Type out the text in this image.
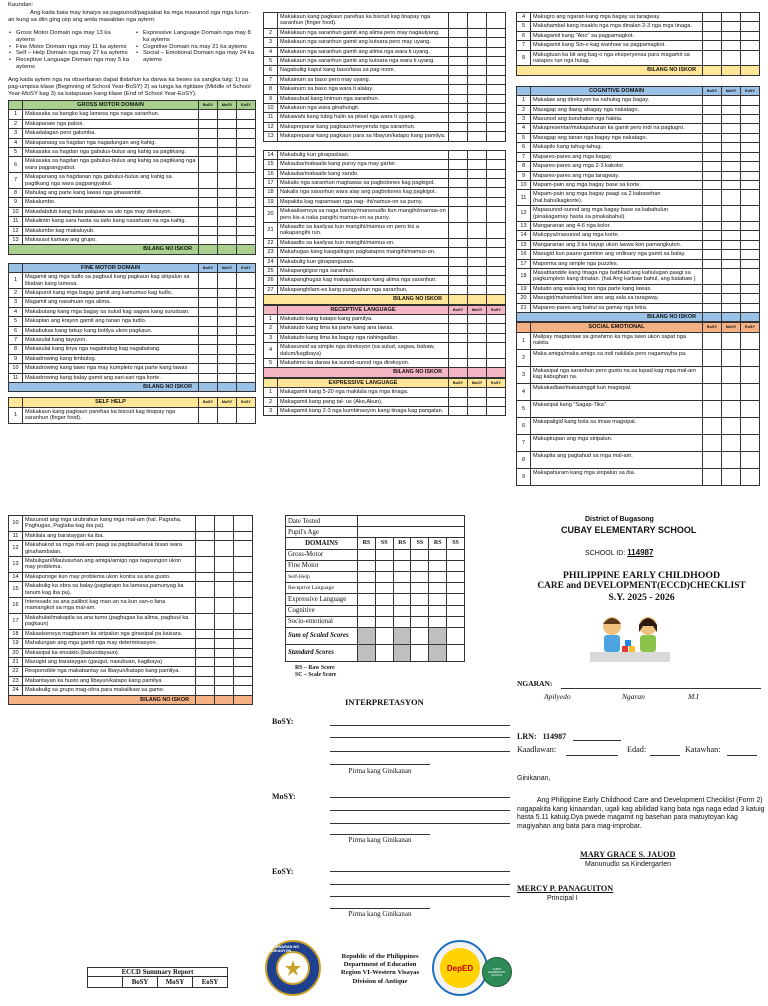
Kaundan:

Ang kada bata may kinaiya sa pagsunod/pagsabat ka mga masunod nga mga lurun-an kung sa diin ging isip ang anda masabtan nga aytem:

• Gross Motor Domain nga may 13 ka aytems
• Fine Motor Domain nga may 11 ka aytems
• Self – Help Domain nga may 27 ka aytems
• Receptive Language Domain nga may 5 ka aytems
• Expressive Language Domain nga may 8 ka aytems
• Cognitive Domain na may 21 ka aytems
• Social – Emotional Domain nga may 24 ka aytems

Ang kada aytem nga na obserbaran dapat ilistahun ka darwa ka beses sa sangka tuig: 1) sa pag-umpisa klase (Beginning of School Year-BoSY) 2) sa tunga ka rigklase (Middle of School Year-MoSY kag 3) sa katapusan kang klase (End of School Year-EoSY).

	GROSS MOTOR DOMAIN	BoSY	MoSY	EoSY
1	Makasaka sa bangko kag lamesa nga naga saranhun.			
2	Makapanaw nga palsoi.			
3	Makadalagan pero galumba.			
4	Makapanaog sa hagdan nga nagadungan ang kahig.			
5	Makasaka sa hagdan nga gabulus-bulus ang kahig sa pagtikang.			
6	Makasaka sa hagdan nga gabulus-bulus ang kahig sa pagtikang nga wara pagpangyabut.			
7	Makapanaog sa hagdanan nga gabulus-bulus ang kahig sa pagtikang nga wara pagpangyabut.			
8	Mahulag ang parte kang lawas nga ginasambit.			
9	Makalumbo.			
10	Makadabdub kang bola palapaw sa ulo nga may direksyon.			
11	Makalintin kang sara hasta sa tatlo kang nasahuan na nga kahig.			
12	Makalumbo kag makaluyub.			
13	Makasaot kamaw ang grupo.			
BILANG NO ISKOR				
	FINE MOTOR DOMAIN	BoSY	MoSY	EoSY
1	Magamit ang mga tudlo sa pagbuul kang pagkaun kag siripalun sa libaban kang lamesa.			
2	Makapurot kang mga bagay gamit ang kamumuo kag tudlo.			
3	Magamit ang nasahuan nga alima.			
4	Makabutang kang mga bagay sa sulud kag sagwa kang suruduan.			
5	Makaplan ang krayon gamit ang tanan nga tudlo.			
6	Makabukas kang takup kang botilya ukon pagkaun.			
7	Makasulat kang tayuyon.			
8	Makasulat kang linya nga nagatindog kag nagabatang.			
9	Makadrowing kang timbulog.			
10	Makadrowing kang tawo nga may kumpleto nga parte kang lawas			
11	Makadrowing kang balay gamit ang sari-sari nga korte.			
BILANG NO ISKOR				
	SELF HELP	BoSY	MoSY	EoSY
1	Makakaun kang pagkaun pareħas ka biscuit kag tinapay nga saranhun (finger food).			
	Makakaun kang pagkaun pareħas ka biscuit kag tinapay nga saranhun (finger food).			
2	Makakaun nga saranhun gamit ang alima pero may nagaulyang.			
3	Makakaun nga saranhun gamit ang kutsara pero may uyang.			
4	Makakaun nga saranhun gamit ang alima nga wara ti uyang.			
5	Makakaun nga saranhun gamit ang kutsara nga wara ti uyang.			
6	Nagabuliig kaput kang baso/tasa sa pag-inom.			
7	Makainum sa baso pero may uyang.			
8	Makainum sa baso nga wara ti alalay.			
9	Makasubud kang iinimun nga saranhun.			
10	Makakaun nga wara ginahungit.			
11	Makawahi kang tubig halin sa pitsel nga wara ti uyang.			
12	Makapreparar kang pagkaun/meryenda nga saranhun.			
13	Makapreparar kang pagkaun para sa libayun/katapo kang pamilya.			
14	Makabulig kun ginapaslaan.			
15	Makauba/makaalis kang puroy nga may garter.			
16	Makauba/makaalis kang sando.			
17	Makalis nga saranhun magtawas sa pagbotones kag pagkigot.			
18	Nakalis nga saranhun wara alay ang pagbotones kag pagkigot.			
19	Mapakita kag napamaan nga nag- ihi/namus-on sa puroy.			
20	Makaalisensya sa naga bantay/manunudlo kun mangihi/mamus-on pero kis-a naka pangihi mamus-on sa puroy.			
21	Makaadto sa kasilyas kun mangihi/mamus-on pero kis a nakapangihi run.			
22	Makaadto sa kasilyas kun mangihi/mamus-on.			
23	Makahugas kang kaugalingon pagkatapos mangihi/mamus-on.			
24	Makabulig kun ginapangusan.			
25	Makapangiigos nga saranhun.			
26	Makapanghugas kag makapanarapo kang alima nga saranhun.			
27	Makapanghilam-es kang pungyahun nga saranhun.			
BILANG NO ISKOR				
	RECEPTIVE LANGUAGE	BoSY	MoSY	EoSY
1	Makatudo kang katapo kang pamilya.			
2	Makatudo kang lima ka parte kang ana lawas.			
3	Makatudo kang lima ka bagay nga nahingadlan.			
4	Makasunod sa simple nga direksyon (sa sulud, sagwa, babaw, dalum/kagibaya)			
5	Makahimo ka darwa ka sunod-sunod nga direksyon.			
BILANG NO ISKOR				
	EXPRESSIVE LANGUAGE	BoSY	MoSY	EoSY
1	Makagamit kang 5-20 nga makilala nga mga tinaga.			
2	Makagamit kang pang tal- us (Ako,Akun).			
3	Makagamit kang 2-3 nga kumbinasyon kang tinaga kag pangalan.			
4	Makugro ang ngaran kang mga bagay sa taragway.			
5	Makahambal kang insaklo nga mga dinalan 2-3 nga mga tinaga.			
6	Makagamit kang "Ano" sa pagpamagkot.			
7	Makagamit kang Sin-o kag wanhaw sa pagpamagkot.			
8	Makugtuan ka bit ang bag-o nga eksperyensa para magamit sa natapos run nga hulag.			
BILANG NO ISKOR				
	COGNITIVE DOMAIN	BoSY	MoSY	EoSY
1	Makalaw ang direksyon ka nahulog nga bagay.			
2	Masagap ang ibang abagay nga nakatago.			
3	Masunod ang buruhatun nga hakita.			
4	Makapresentar/makapahuran ka gamit pero indi na pagtugro.			
5	Masagap ang tanan nga bagay nga nakatago.			
6	Makapilo kang tahug-tahug.			
7	Mapares-pares ang mga bagay.			
8	Mapares-pares ang mga 2-3 kakolor.			
9	Mapares-pares ang mga taragway.			
10	Mapam-pain ang mga bagay base sa korte.			
11	Mapam-pain ang mga bagay paagi sa 2 kabasehan (hal.bahulkagkorte).			
12	Mapasunod-sunod ang mga bagay base sa kabahulun (pinakagamay hasta sa pinakabahul).			
13	Mangaranan ang 4-6 nga kolor.			
14	Makopya/masunod ang mga korte.			
15	Mangaranan ang 3 ka hayup ukon laswa kon pamangkuton.			
16	Masugid kun paano gamiton ang ordinary nga gamit sa balay.			
17	Maporma ang simple nga puzzles.			
18	Masabtandde kang tinaga nga batbkad ang kahulugan paagi sa pagkumpleto kang dinatan. (hal.Ang karbaw bahul, ang balabaw )			
19	Matudo ang wala kag too nga parte kang lawas.			
20	Masugid/mahambal kon ano ang sala sa taragway.			
21	Mapares-pares ang bahul sa gamay nga letra.			
BILANG NO ISKOR				
	SOCIAL EMOTIONAL	BoSY	MoSY	EoSY
1	Malipay magtantaw sa ginahimo ka mga tawo ukon sapat nga nakita.			
2	Maka amiga/maka amigo sa indi nakilala pero nagamayha pa.			
3	Makasipal nga saranhun pero gusto na sa tupad kag mga mal-am kag kabughan na.			
4	Makakadlaw/makasinggit kun magsipal.			
5	Makasipal kang "Sagap-Tika".			
6	Makapaligid kang bola sa imaw magsipal.			
7	Makupkupan ang mga siripalun.			
8	Makapila ang pagtahud sa mga mal-am.			
9	Makapahuram kang mga siripalun sa iba.			
10	Masunod ang mga urubrahun kang mga mal-am (hal. Pagraha, Paghugas, Paglaba kag iba pa).			
11	Makilala ang barataygan ka iba.			
12	Makahakod sa mga mal-am paagi sa pagbisa/haruk bisan wara ginahambalan.			
13	Mabuligan/Maulusuhan ang amiga/amigo nga nagsungon ukon may problema.			
14	Makapursige kun may problema ukon kontra sa ana gusto.			
15	Makabulig ka obra sa balay.(pagtarapo ka lamesa,pamunyag ka tanum kag iba pa).			
16	Interesado sa ana palibot kag man-an na kun san-o fana mamangkot sa mga mal-am.			
17	Makahulat/makapila sa ana turno.(paghugas ka alima, pagbuul ka pagkaun)			
18	Makaalsensya magburam ka siripalun nga ginasipal pa kaisara.			
19	Mahalungan ang mga gamit nga may determinasyon.			
20	Makasipal ka ensakto.(bukundayaun).			
21	Masugid ang barataygan (gaugut, nasubuan, kagibaya)			
22	Responsible nga makabantay sa libayun/katapo kang pamilya.			
23	Mabantayan ka husto ang libayun/katapo kang pamilya			
24	Makabulig sa grupo mag-obra para makalikaw sa gamo.			
BILANG NO ISKOR				
Date Tested						
Pupil's Age						
DOMAINS	RS	SS	RS	SS	RS	SS
Gross-Motor						
Fine Motor						
Self-Help						
Receptive Language						
Expressive Language						
Cognitive						
Socio-emotional						
Sum of Scaled Scores						
Standard Scores						
RS – Raw Score
SC – Scale Score
INTERPRETASYON
BoSY:
Pirma kang Ginikanan
MoSY:
Pirma kang Ginikanan
EoSY:
Pirma kang Ginikanan
ECCD Summary Report
	BoSY	MoSY	EoSY
KAGAWARAN NG EDUKASYON
Republic of the Philippines
Department of Education
Region VI-Western Visayas
Division of Antique
DepED	CUBAY ELEMENTARY SCHOOL
District of Bugasong
CUBAY ELEMENTARY SCHOOL
SCHOOL ID: 114987
PHILIPPINE EARLY CHILDHOOD
CARE and DEVELOPMENT(ECCD)CHECKLIST
S.Y. 2025 - 2026
NGARAN:
Apilyedo	Ngaran	M.I
LRN: 114987
Kaadlawan:	Edad:	Katawhan:
Ginikanan,
Ang Philippine Early Childhood Care and Development Checklist (Form 2) nagapakita kang kinaandan, ugali kag abilidad kang bata nga naga edad 3 katuig hasta 5.11 katuig.Dya pwede magamit ng basehan para matuytoyan kag magiyahan ang bata para mag-improbar.
MARY GRACE S. JAUOD
Manunudlo sa Kindergarten
MERCY P. PANAGUITON
Principal I
